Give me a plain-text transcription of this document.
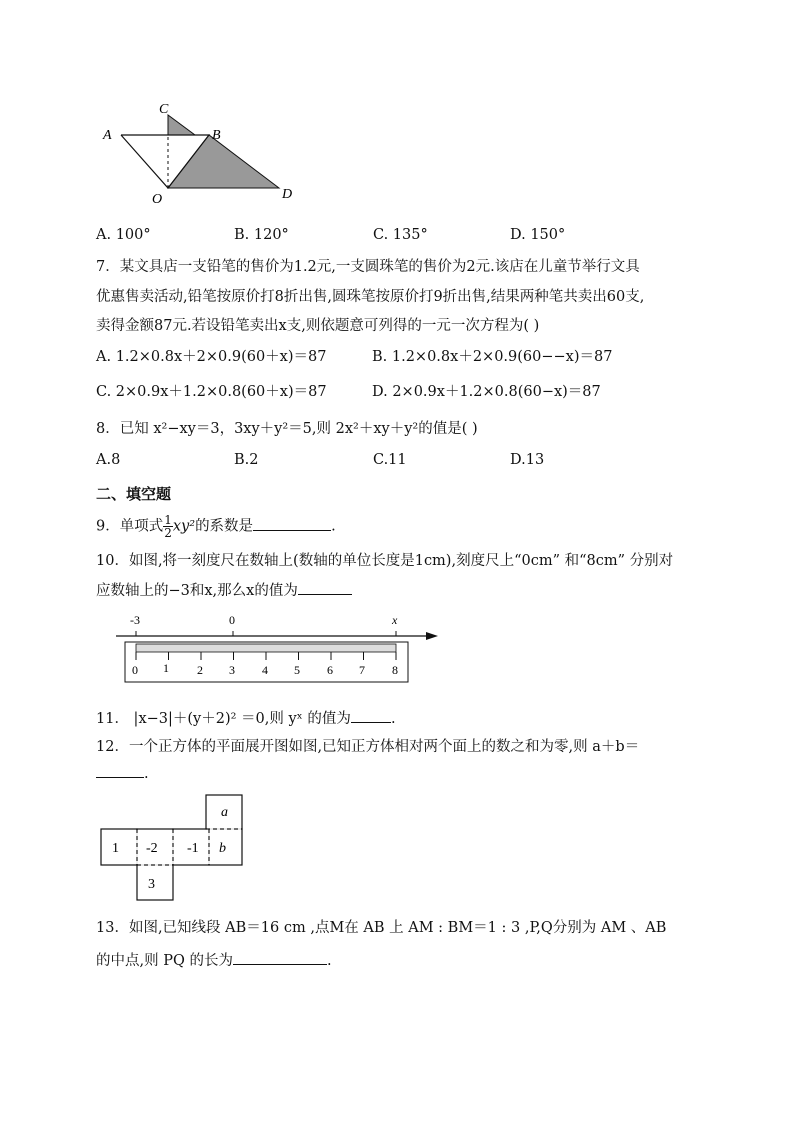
C
A	B
O	D
A. 100°	B. 120°	C. 135°	D. 150°
7．某文具店一支铅笔的售价为1.2元,一支圆珠笔的售价为2元.该店在儿童节举行文具
优惠售卖活动,铅笔按原价打8折出售,圆珠笔按原价打9折出售,结果两种笔共卖出60支,
卖得金额87元.若设铅笔卖出x支,则依题意可列得的一元一次方程为( )
A. 1.2×0.8x＋2×0.9(60＋x)＝87	B. 1.2×0.8x＋2×0.9(60−−x)＝87
C. 2×0.9x＋1.2×0.8(60＋x)＝87	D. 2×0.9x＋1.2×0.8(60−x)＝87
8．已知 x²−xy＝3，3xy＋y²＝5,则 2x²＋xy＋y²的值是( )
A.8	B.2	C.11	D.13
二、填空题
9．单项式 $\frac{1}{2} xy^2$的系数是	.
10．如图,将一刻度尺在数轴上(数轴的单位长度是1cm),刻度尺上“0cm” 和“8cm” 分别对
应数轴上的−3和x,那么x的值为
-3	0	x
0 1 2 3 4 5 6 7 8
11． |x−3|＋(y＋2)² ＝0,则 yˣ 的值为	.
12．一个正方体的平面展开图如图,已知正方体相对两个面上的数之和为零,则 a＋b＝
.
1 -2 -1 b
a
3
13．如图,已知线段 AB＝16 cm ,点M在 AB 上 AM : BM＝1 : 3 ,P,Q分别为 AM 、AB
的中点,则 PQ 的长为	.
